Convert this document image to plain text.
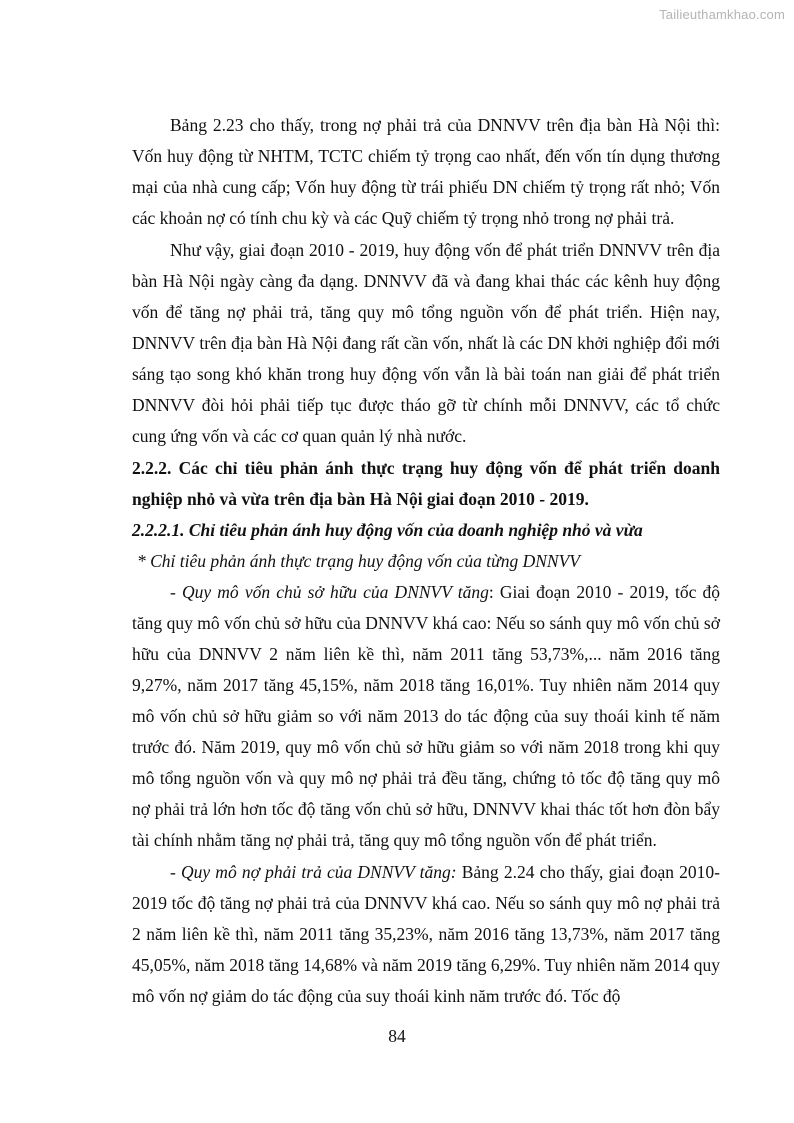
Tailieuthamkhao.com

Bảng 2.23 cho thấy, trong nợ phải trả của DNNVV trên địa bàn Hà Nội thì: Vốn huy động từ NHTM, TCTC chiếm tỷ trọng cao nhất, đến vốn tín dụng thương mại của nhà cung cấp; Vốn huy động từ trái phiếu DN chiếm tỷ trọng rất nhỏ; Vốn các khoản nợ có tính chu kỳ và các Quỹ chiếm tỷ trọng nhỏ trong nợ phải trả.

Như vậy, giai đoạn 2010 - 2019, huy động vốn để phát triển DNNVV trên địa bàn Hà Nội ngày càng đa dạng. DNNVV đã và đang khai thác các kênh huy động vốn để tăng nợ phải trả, tăng quy mô tổng nguồn vốn để phát triển. Hiện nay, DNNVV trên địa bàn Hà Nội đang rất cần vốn, nhất là các DN khởi nghiệp đổi mới sáng tạo song khó khăn trong huy động vốn vẫn là bài toán nan giải để phát triển DNNVV đòi hỏi phải tiếp tục được tháo gỡ từ chính mỗi DNNVV, các tổ chức cung ứng vốn và các cơ quan quản lý nhà nước.

2.2.2. Các chỉ tiêu phản ánh thực trạng huy động vốn để phát triển doanh nghiệp nhỏ và vừa trên địa bàn Hà Nội giai đoạn 2010 - 2019.

2.2.2.1. Chỉ tiêu phản ánh huy động vốn của doanh nghiệp nhỏ và vừa

* Chỉ tiêu phản ánh thực trạng huy động vốn của từng DNNVV

- Quy mô vốn chủ sở hữu của DNNVV tăng: Giai đoạn 2010 - 2019, tốc độ tăng quy mô vốn chủ sở hữu của DNNVV khá cao: Nếu so sánh quy mô vốn chủ sở hữu của DNNVV 2 năm liên kề thì, năm 2011 tăng 53,73%,... năm 2016 tăng 9,27%, năm 2017 tăng 45,15%, năm 2018 tăng 16,01%. Tuy nhiên năm 2014 quy mô vốn chủ sở hữu giảm so với năm 2013 do tác động của suy thoái kinh tế năm trước đó. Năm 2019, quy mô vốn chủ sở hữu giảm so với năm 2018 trong khi quy mô tổng nguồn vốn và quy mô nợ phải trả đều tăng, chứng tỏ tốc độ tăng quy mô nợ phải trả lớn hơn tốc độ tăng vốn chủ sở hữu, DNNVV khai thác tốt hơn đòn bẩy tài chính nhằm tăng nợ phải trả, tăng quy mô tổng nguồn vốn để phát triển.

- Quy mô nợ phải trả của DNNVV tăng: Bảng 2.24 cho thấy, giai đoạn 2010-2019 tốc độ tăng nợ phải trả của DNNVV khá cao. Nếu so sánh quy mô nợ phải trả 2 năm liên kề thì, năm 2011 tăng 35,23%, năm 2016 tăng 13,73%, năm 2017 tăng 45,05%, năm 2018 tăng 14,68% và năm 2019 tăng 6,29%. Tuy nhiên năm 2014 quy mô vốn nợ giảm do tác động của suy thoái kinh năm trước đó. Tốc độ

84
